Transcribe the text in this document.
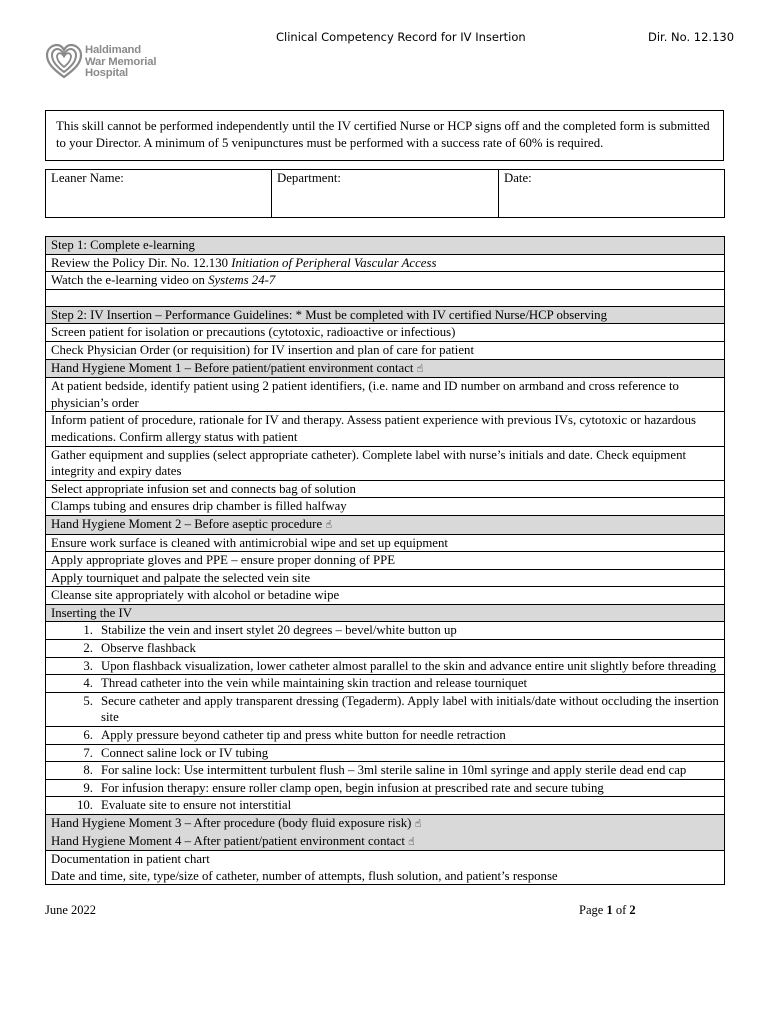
Clinical Competency Record for IV Insertion	Dir. No. 12.130
Haldimand
War Memorial
Hospital
This skill cannot be performed independently until the IV certified Nurse or HCP signs off and the completed form is submitted to your Director. A minimum of 5 venipunctures must be performed with a success rate of 60% is required.
Leaner Name:	Department:	Date:
Step 1: Complete e-learning
Review the Policy Dir. No. 12.130 Initiation of Peripheral Vascular Access
Watch the e-learning video on Systems 24-7
Step 2: IV Insertion – Performance Guidelines: * Must be completed with IV certified Nurse/HCP observing
Screen patient for isolation or precautions (cytotoxic, radioactive or infectious)
Check Physician Order (or requisition) for IV insertion and plan of care for patient
Hand Hygiene Moment 1 – Before patient/patient environment contact ☝
At patient bedside, identify patient using 2 patient identifiers, (i.e. name and ID number on armband and cross reference to physician’s order
Inform patient of procedure, rationale for IV and therapy. Assess patient experience with previous IVs, cytotoxic or hazardous medications. Confirm allergy status with patient
Gather equipment and supplies (select appropriate catheter). Complete label with nurse’s initials and date. Check equipment integrity and expiry dates
Select appropriate infusion set and connects bag of solution
Clamps tubing and ensures drip chamber is filled halfway
Hand Hygiene Moment 2 – Before aseptic procedure ☝
Ensure work surface is cleaned with antimicrobial wipe and set up equipment
Apply appropriate gloves and PPE – ensure proper donning of PPE
Apply tourniquet and palpate the selected vein site
Cleanse site appropriately with alcohol or betadine wipe
Inserting the IV
1. Stabilize the vein and insert stylet 20 degrees – bevel/white button up
2. Observe flashback
3. Upon flashback visualization, lower catheter almost parallel to the skin and advance entire unit slightly before threading
4. Thread catheter into the vein while maintaining skin traction and release tourniquet
5. Secure catheter and apply transparent dressing (Tegaderm). Apply label with initials/date without occluding the insertion site
6. Apply pressure beyond catheter tip and press white button for needle retraction
7. Connect saline lock or IV tubing
8. For saline lock: Use intermittent turbulent flush – 3ml sterile saline in 10ml syringe and apply sterile dead end cap
9. For infusion therapy: ensure roller clamp open, begin infusion at prescribed rate and secure tubing
10. Evaluate site to ensure not interstitial
Hand Hygiene Moment 3 – After procedure (body fluid exposure risk) ☝
Hand Hygiene Moment 4 – After patient/patient environment contact ☝
Documentation in patient chart
Date and time, site, type/size of catheter, number of attempts, flush solution, and patient’s response
June 2022	Page 1 of 2
